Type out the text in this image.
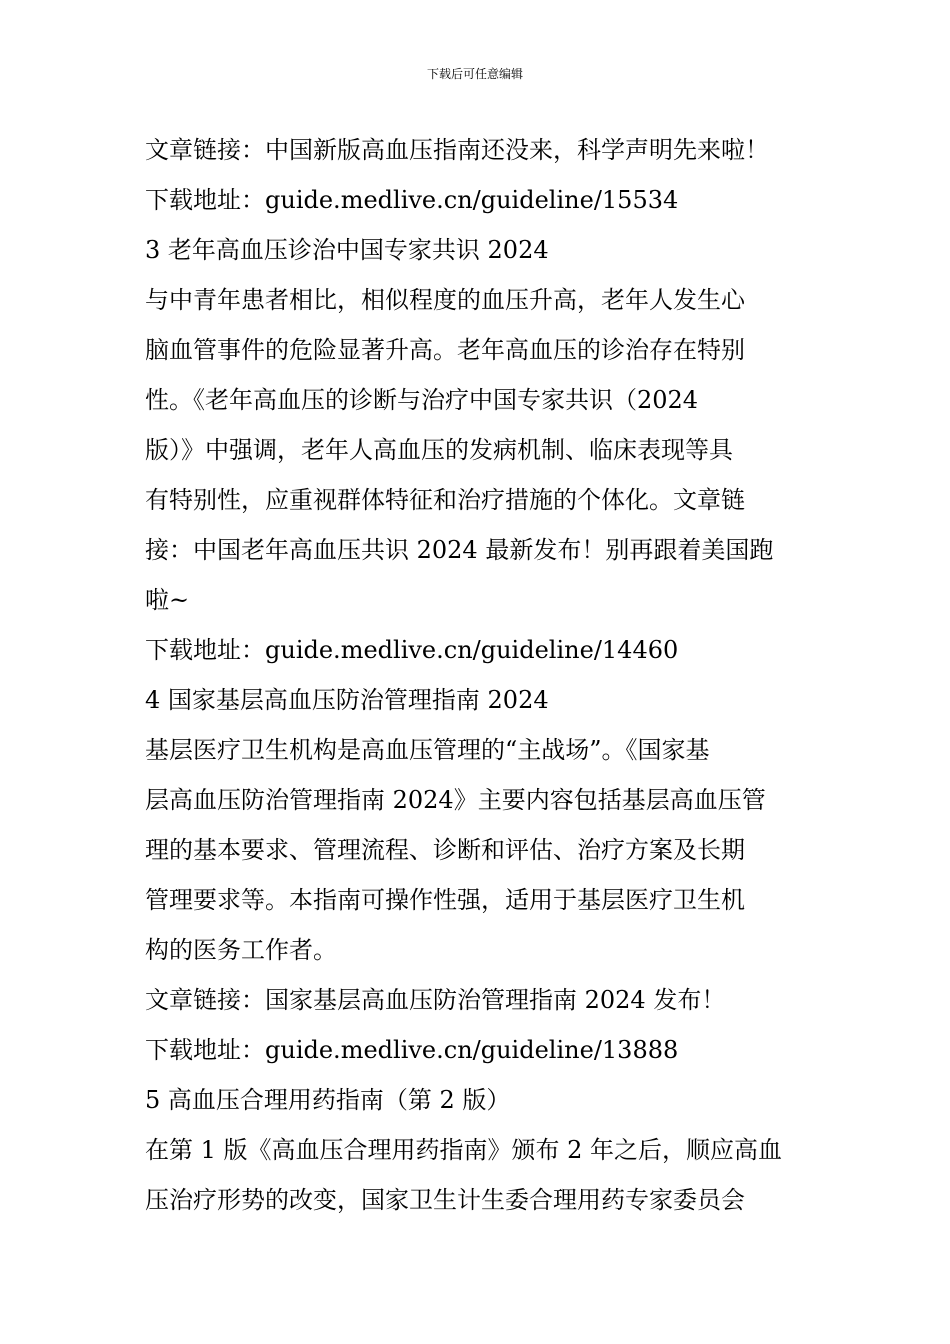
下载后可任意编辑
文章链接：中国新版高血压指南还没来，科学声明先来啦！
下载地址：guide.medlive.cn/guideline/15534
3 老年高血压诊治中国专家共识 2024
与中青年患者相比，相似程度的血压升高，老年人发生心
脑血管事件的危险显著升高。老年高血压的诊治存在特别
性。《老年高血压的诊断与治疗中国专家共识（2024
版）》中强调，老年人高血压的发病机制、临床表现等具
有特别性，应重视群体特征和治疗措施的个体化。文章链
接：中国老年高血压共识 2024 最新发布！别再跟着美国跑
啦~
下载地址：guide.medlive.cn/guideline/14460
4 国家基层高血压防治管理指南 2024
基层医疗卫生机构是高血压管理的“主战场”。《国家基
层高血压防治管理指南 2024》主要内容包括基层高血压管
理的基本要求、管理流程、诊断和评估、治疗方案及长期
管理要求等。本指南可操作性强，适用于基层医疗卫生机
构的医务工作者。
文章链接：国家基层高血压防治管理指南 2024 发布！
下载地址：guide.medlive.cn/guideline/13888
5 高血压合理用药指南（第 2 版）
在第 1 版《高血压合理用药指南》颁布 2 年之后，顺应高血
压治疗形势的改变，国家卫生计生委合理用药专家委员会
